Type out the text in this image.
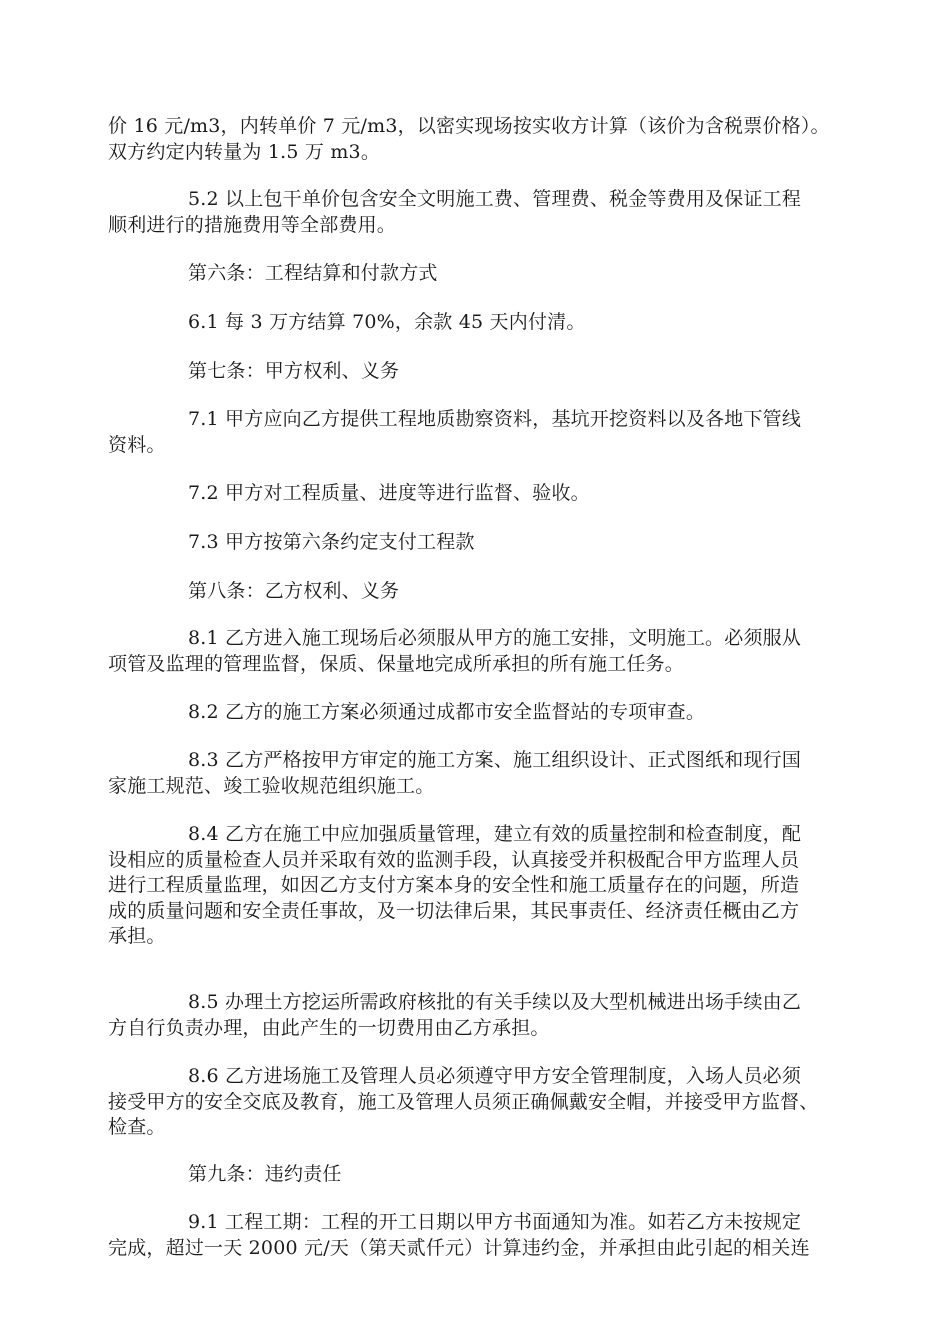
价 16 元/m3，内转单价 7 元/m3，以密实现场按实收方计算（该价为含税票价格）。
双方约定内转量为 1.5 万 m3。

5.2 以上包干单价包含安全文明施工费、管理费、税金等费用及保证工程
顺利进行的措施费用等全部费用。

第六条：工程结算和付款方式

6.1 每 3 万方结算 70%，余款 45 天内付清。

第七条：甲方权利、义务

7.1 甲方应向乙方提供工程地质勘察资料，基坑开挖资料以及各地下管线
资料。

7.2 甲方对工程质量、进度等进行监督、验收。

7.3 甲方按第六条约定支付工程款

第八条：乙方权利、义务

8.1 乙方进入施工现场后必须服从甲方的施工安排，文明施工。必须服从
项管及监理的管理监督，保质、保量地完成所承担的所有施工任务。

8.2 乙方的施工方案必须通过成都市安全监督站的专项审查。

8.3 乙方严格按甲方审定的施工方案、施工组织设计、正式图纸和现行国
家施工规范、竣工验收规范组织施工。

8.4 乙方在施工中应加强质量管理，建立有效的质量控制和检查制度，配
设相应的质量检查人员并采取有效的监测手段，认真接受并积极配合甲方监理人员
进行工程质量监理，如因乙方支付方案本身的安全性和施工质量存在的问题，所造
成的质量问题和安全责任事故，及一切法律后果，其民事责任、经济责任概由乙方
承担。

8.5 办理土方挖运所需政府核批的有关手续以及大型机械进出场手续由乙
方自行负责办理，由此产生的一切费用由乙方承担。

8.6 乙方进场施工及管理人员必须遵守甲方安全管理制度，入场人员必须
接受甲方的安全交底及教育，施工及管理人员须正确佩戴安全帽，并接受甲方监督、
检查。

第九条：违约责任

9.1 工程工期：工程的开工日期以甲方书面通知为准。如若乙方未按规定
完成，超过一天 2000 元/天（第天贰仟元）计算违约金，并承担由此引起的相关连
